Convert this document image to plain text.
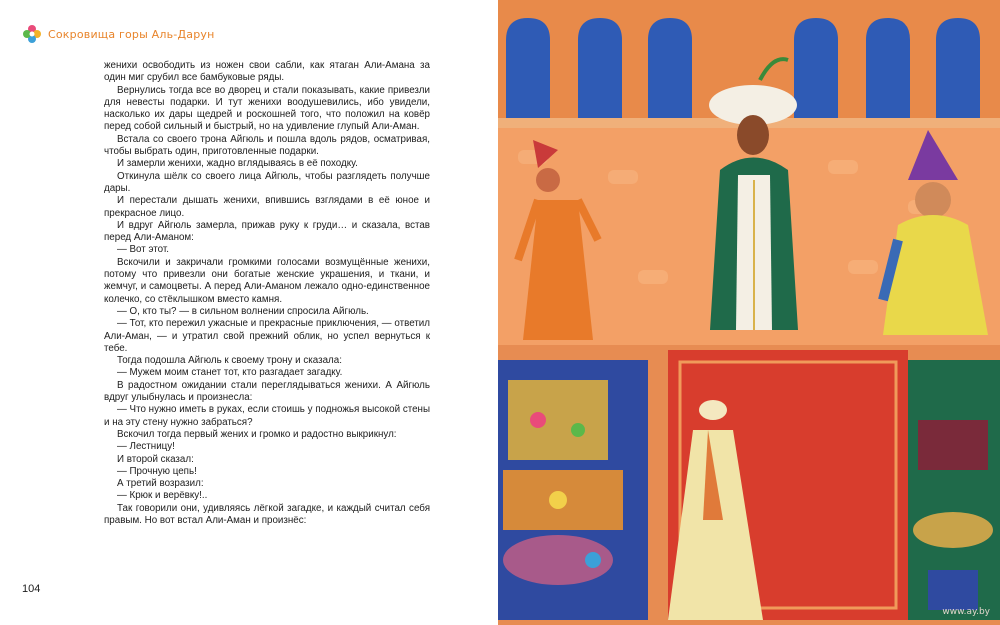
Сокровища горы Аль-Дарун

женихи освободить из ножен свои сабли, как ятаган Али-Амана за один миг срубил все бамбуковые ряды.

Вернулись тогда все во дворец и стали показывать, какие привезли для невесты подарки. И тут женихи воодушевились, ибо увидели, насколько их дары щедрей и роскошней того, что положил на ковёр перед собой сильный и быстрый, но на удивление глупый Али-Аман.

Встала со своего трона Айгюль и пошла вдоль рядов, осматривая, чтобы выбрать один, приготовленные подарки.

И замерли женихи, жадно вглядываясь в её походку.

Откинула шёлк со своего лица Айгюль, чтобы разглядеть получше дары.

И перестали дышать женихи, впившись взглядами в её юное и прекрасное лицо.

И вдруг Айгюль замерла, прижав руку к груди… и сказала, встав перед Али-Аманом:

— Вот этот.

Вскочили и закричали громкими голосами возмущённые женихи, потому что привезли они богатые женские украшения, и ткани, и жемчуг, и самоцветы. А перед Али-Аманом лежало одно-единственное колечко, со стёклышком вместо камня.

— О, кто ты? — в сильном волнении спросила Айгюль.

— Тот, кто пережил ужасные и прекрасные приключения, — ответил Али-Аман, — и утратил свой прежний облик, но успел вернуться к тебе.

Тогда подошла Айгюль к своему трону и сказала:

— Мужем моим станет тот, кто разгадает загадку.

В радостном ожидании стали переглядываться женихи. А Айгюль вдруг улыбнулась и произнесла:

— Что нужно иметь в руках, если стоишь у подножья высокой стены и на эту стену нужно забраться?

Вскочил тогда первый жених и громко и радостно выкрикнул:

— Лестницу!

И второй сказал:

— Прочную цепь!

А третий возразил:

— Крюк и верёвку!..

Так говорили они, удивляясь лёгкой загадке, и каждый считал себя правым. Но вот встал Али-Аман и произнёс:

104
www.ay.by
